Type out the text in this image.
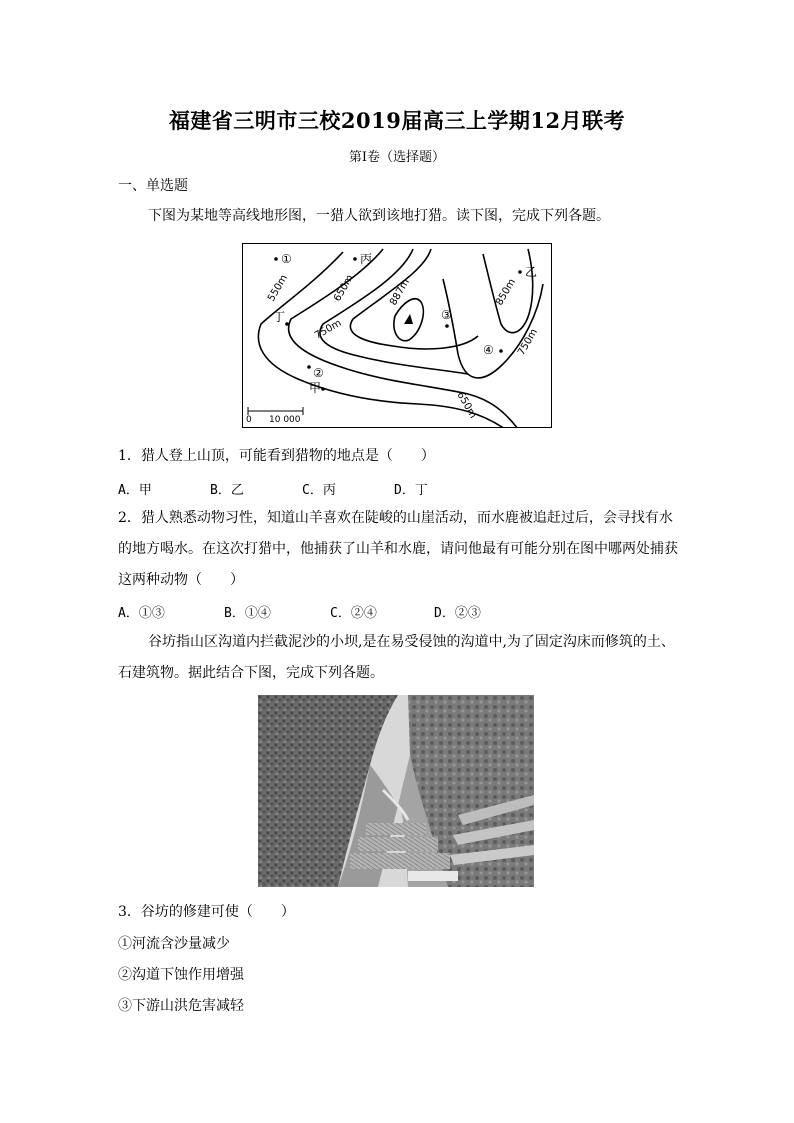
福建省三明市三校2019届高三上学期12月联考
第Ⅰ卷（选择题）
一、单选题
下图为某地等高线地形图，一猎人欲到该地打猎。读下图，完成下列各题。
550m	650m
750m
887m	850m
750m
650m
①	丙
乙
丁	③
④
②
甲
0 10 000
1．猎人登上山顶，可能看到猎物的地点是（　　）
A．甲	B．乙	C．丙	D．丁
2．猎人熟悉动物习性，知道山羊喜欢在陡峻的山崖活动，而水鹿被追赶过后，会寻找有水
的地方喝水。在这次打猎中，他捕获了山羊和水鹿，请问他最有可能分别在图中哪两处捕获
这两种动物（　　）
A．①③	B．①④	C．②④	D．②③
谷坊指山区沟道内拦截泥沙的小坝,是在易受侵蚀的沟道中,为了固定沟床而修筑的土、
石建筑物。据此结合下图，完成下列各题。
3．谷坊的修建可使（　　）
①河流含沙量减少
②沟道下蚀作用增强
③下游山洪危害减轻
